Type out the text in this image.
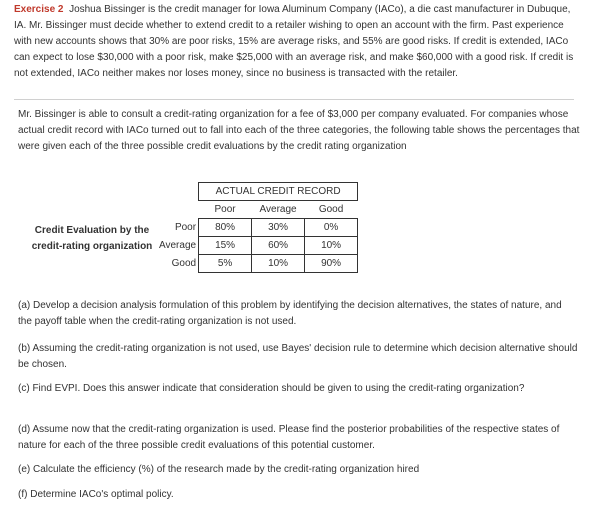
Exercise 2 Joshua Bissinger is the credit manager for Iowa Aluminum Company (IACo), a die cast manufacturer in Dubuque, IA. Mr. Bissinger must decide whether to extend credit to a retailer wishing to open an account with the firm. Past experience with new accounts shows that 30% are poor risks, 15% are average risks, and 55% are good risks. If credit is extended, IACo can expect to lose $30,000 with a poor risk, make $25,000 with an average risk, and make $60,000 with a good risk. If credit is not extended, IACo neither makes nor loses money, since no business is transacted with the retailer.
Mr. Bissinger is able to consult a credit-rating organization for a fee of $3,000 per company evaluated. For companies whose actual credit record with IACo turned out to fall into each of the three categories, the following table shows the percentages that were given each of the three possible credit evaluations by the credit rating organization
Credit Evaluation by the credit-rating organization
	ACTUAL CREDIT RECORD		
	Poor	Average	Good
Poor	80%	30%	0%
Average	15%	60%	10%
Good	5%	10%	90%
(a) Develop a decision analysis formulation of this problem by identifying the decision alternatives, the states of nature, and the payoff table when the credit-rating organization is not used.
(b) Assuming the credit-rating organization is not used, use Bayes' decision rule to determine which decision alternative should be chosen.
(c) Find EVPI. Does this answer indicate that consideration should be given to using the credit-rating organization?
(d) Assume now that the credit-rating organization is used. Please find the posterior probabilities of the respective states of nature for each of the three possible credit evaluations of this potential customer.
(e) Calculate the efficiency (%) of the research made by the credit-rating organization hired
(f) Determine IACo's optimal policy.
